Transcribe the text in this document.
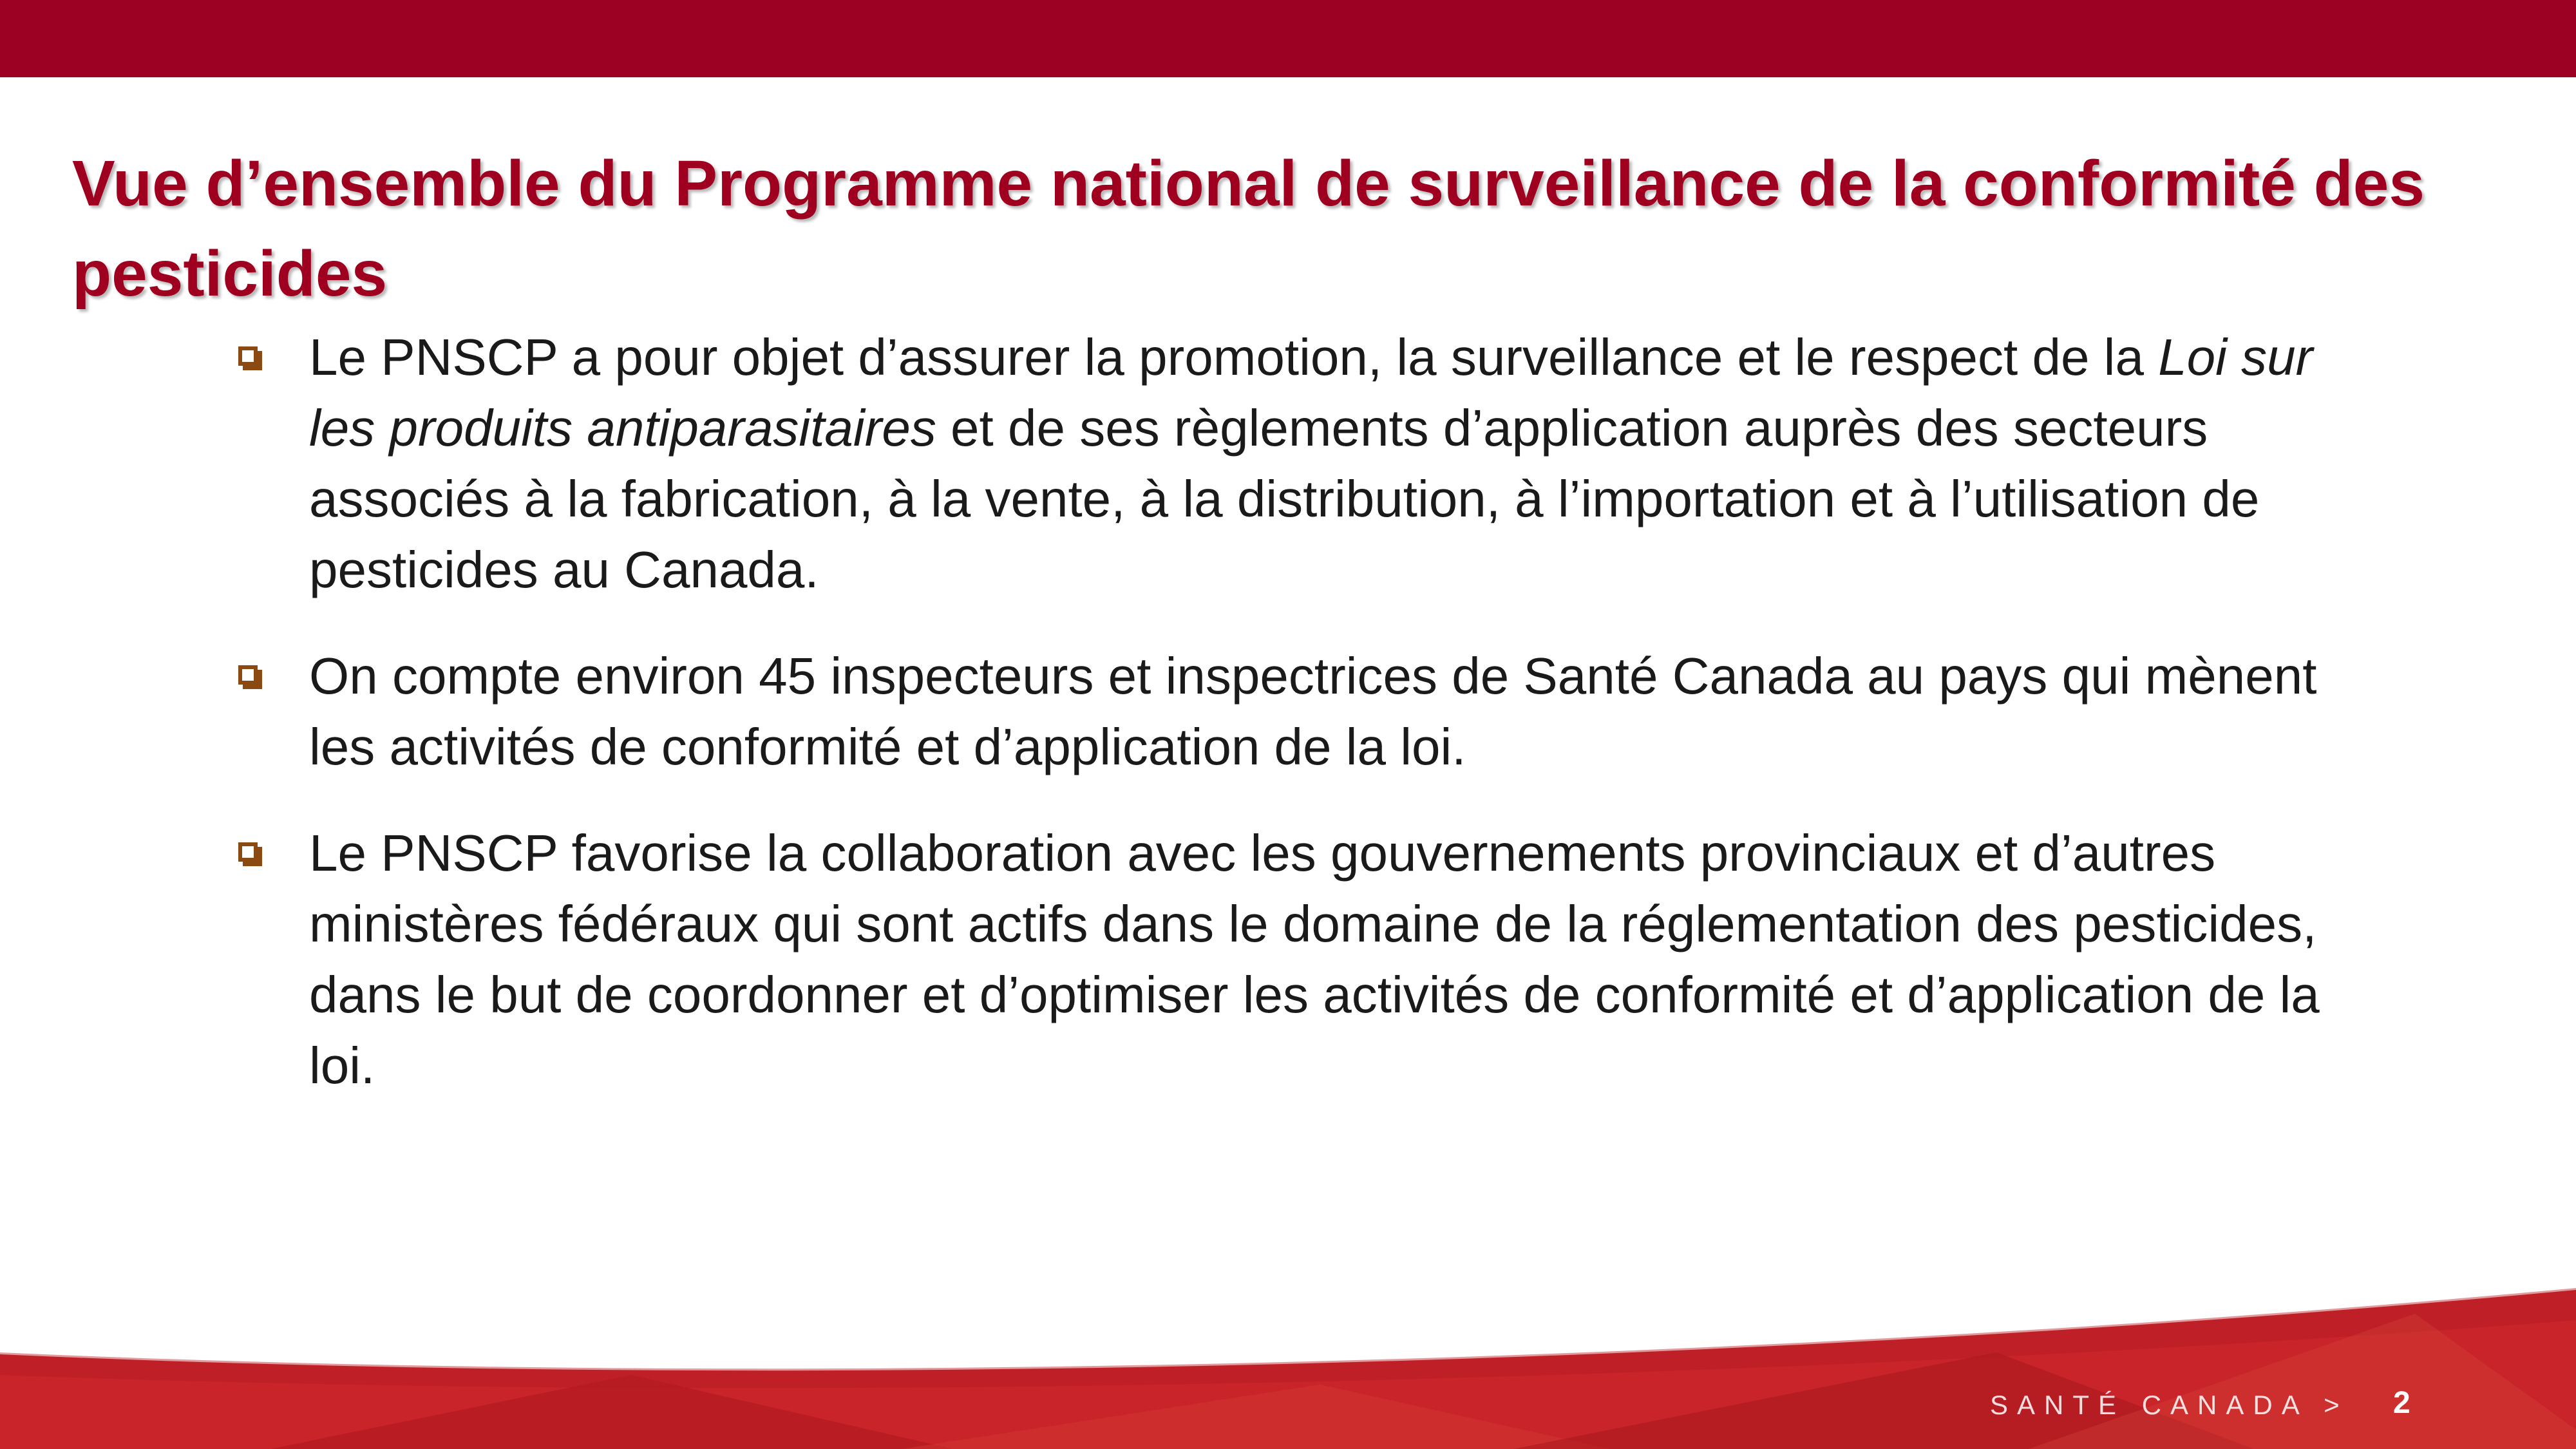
Vue d’ensemble du Programme national de surveillance de la conformité des pesticides
Le PNSCP a pour objet d’assurer la promotion, la surveillance et le respect de la Loi sur les produits antiparasitaires et de ses règlements d’application auprès des secteurs associés à la fabrication, à la vente, à la distribution, à l’importation et à l’utilisation de pesticides au Canada.
On compte environ 45 inspecteurs et inspectrices de Santé Canada au pays qui mènent les activités de conformité et d’application de la loi.
Le PNSCP favorise la collaboration avec les gouvernements provinciaux et d’autres ministères fédéraux qui sont actifs dans le domaine de la réglementation des pesticides, dans le but de coordonner et d’optimiser les activités de conformité et d’application de la loi.
SANTÉ CANADA > 2
